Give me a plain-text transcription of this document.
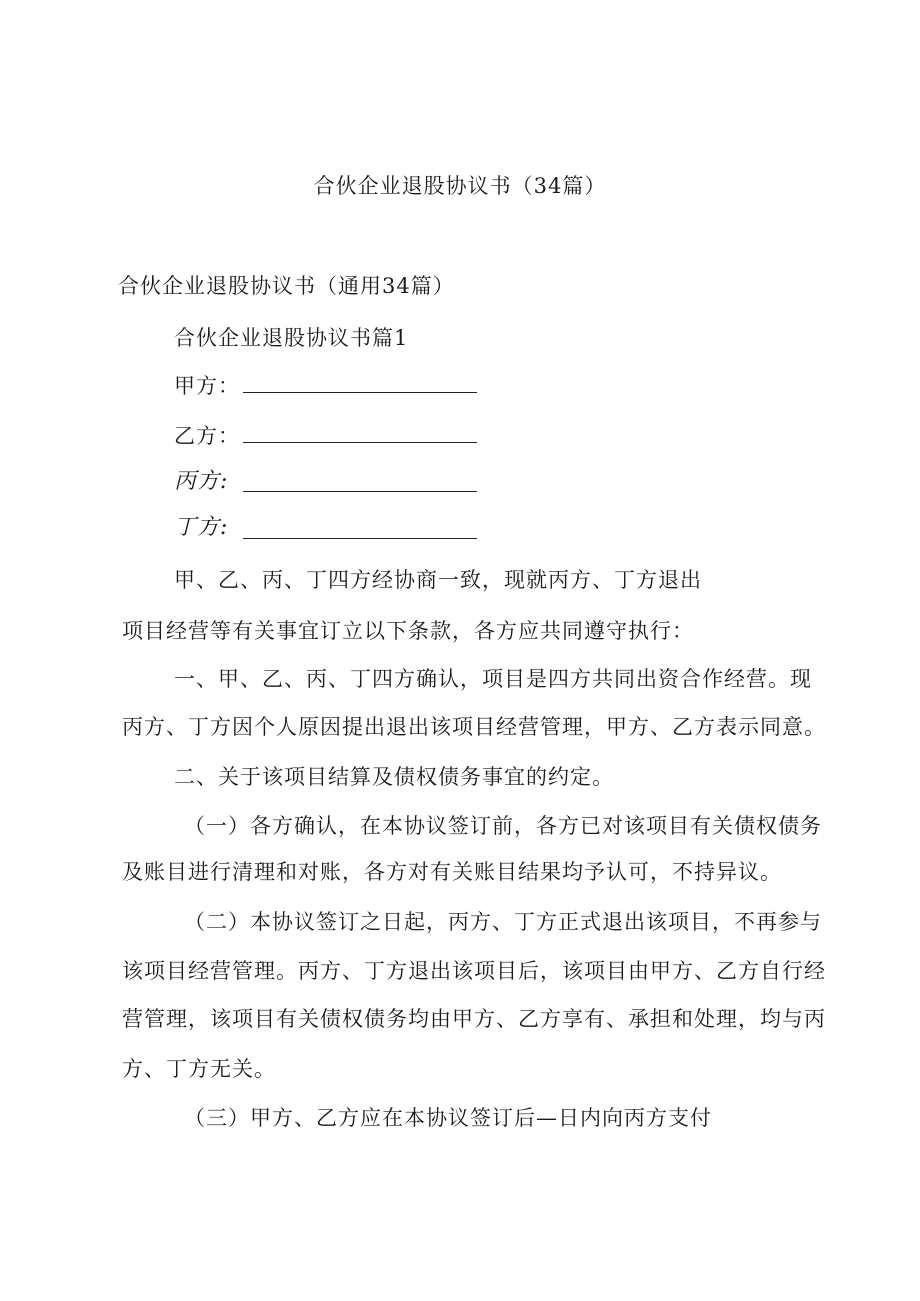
合伙企业退股协议书（34篇）
合伙企业退股协议书（通用34篇）
合伙企业退股协议书篇1
甲方：
乙方：
丙方:
丁方:
甲、乙、丙、丁四方经协商一致，现就丙方、丁方退出
项目经营等有关事宜订立以下条款，各方应共同遵守执行：
一、甲、乙、丙、丁四方确认，项目是四方共同出资合作经营。现
丙方、丁方因个人原因提出退出该项目经营管理，甲方、乙方表示同意。
二、关于该项目结算及债权债务事宜的约定。
（一）各方确认，在本协议签订前，各方已对该项目有关债权债务
及账目进行清理和对账，各方对有关账目结果均予认可，不持异议。
（二）本协议签订之日起，丙方、丁方正式退出该项目，不再参与
该项目经营管理。丙方、丁方退出该项目后，该项目由甲方、乙方自行经
营管理，该项目有关债权债务均由甲方、乙方享有、承担和处理，均与丙
方、丁方无关。
（三）甲方、乙方应在本协议签订后—日内向丙方支付
